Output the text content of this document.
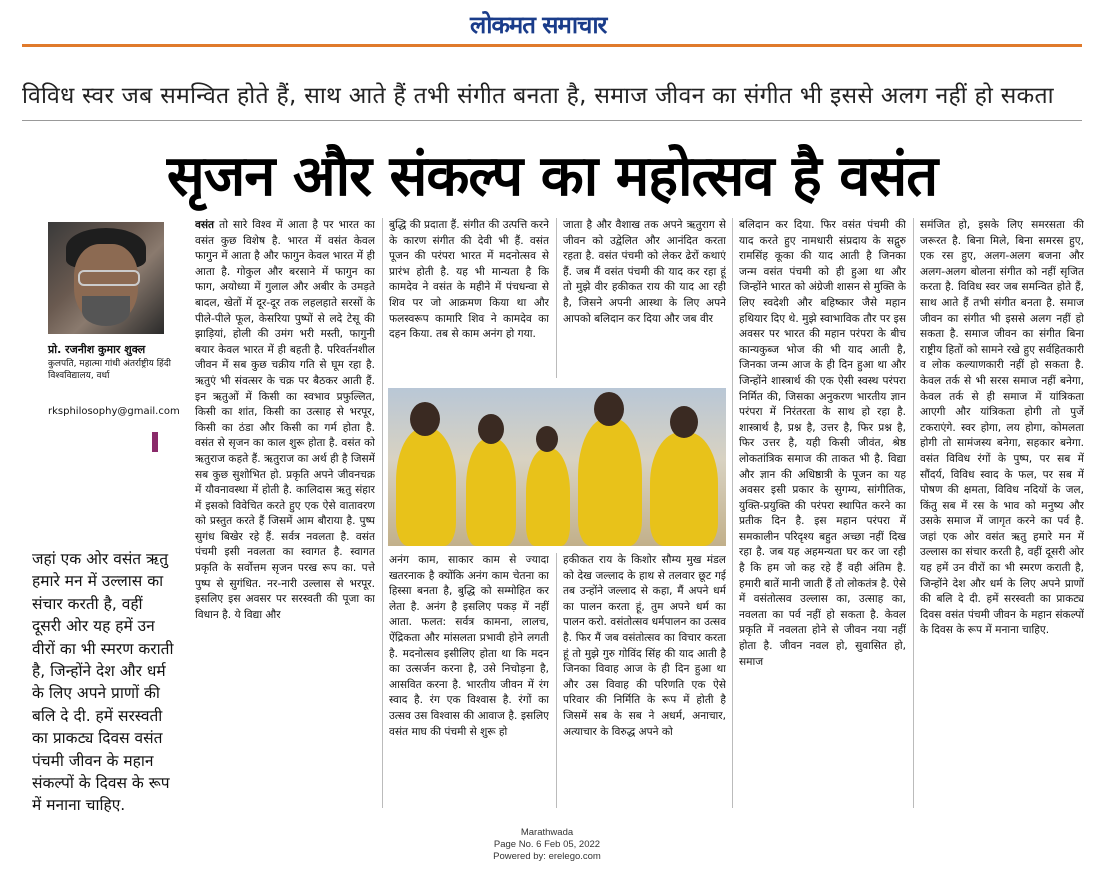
लोकमत समाचार
विविध स्वर जब समन्वित होते हैं, साथ आते हैं तभी संगीत बनता है, समाज जीवन का संगीत भी इससे अलग नहीं हो सकता
सृजन और संकल्प का महोत्सव है वसंत
प्रो. रजनीश कुमार शुक्ल
कुलपति, महात्मा गांधी अंतर्राष्ट्रीय हिंदी विश्वविद्यालय, वर्धा
rksphilosophy@gmail.com
जहां एक ओर वसंत ऋतु हमारे मन में उल्लास का संचार करती है, वहीं दूसरी ओर यह हमें उन वीरों का भी स्मरण कराती है, जिन्होंने देश और धर्म के लिए अपने प्राणों की बलि दे दी. हमें सरस्वती का प्राकट्य दिवस वसंत पंचमी जीवन के महान संकल्पों के दिवस के रूप में मनाना चाहिए.

वसंत तो सारे विश्व में आता है पर भारत का वसंत कुछ विशेष है. भारत में वसंत केवल फागुन में आता है और फागुन केवल भारत में ही आता है. गोकुल और बरसाने में फागुन का फाग, अयोध्या में गुलाल और अबीर के उमड़ते बादल, खेतों में दूर-दूर तक लहलहाते सरसों के पीले-पीले फूल, केसरिया पुष्पों से लदे टेसू की झाड़ियां, होली की उमंग भरी मस्ती, फागुनी बयार केवल भारत में ही बहती है. परिवर्तनशील जीवन में सब कुछ चक्रीय गति से घूम रहा है. ऋतुएं भी संवत्सर के चक्र पर बैठकर आती हैं. इन ऋतुओं में किसी का स्वभाव प्रफुल्लित, किसी का शांत, किसी का उत्साह से भरपूर, किसी का ठंडा और किसी का गर्म होता है. वसंत से सृजन का काल शुरू होता है. वसंत को ऋतुराज कहते हैं. ऋतुराज का अर्थ ही है जिसमें सब कुछ सुशोभित हो. प्रकृति अपने जीवनचक्र में यौवनावस्था में होती है. कालिदास ऋतु संहार में इसको विवेचित करते हुए एक ऐसे वातावरण को प्रस्तुत करते हैं जिसमें आम बौराया है. पुष्प सुगंध बिखेर रहे हैं. सर्वत्र नवलता है. वसंत पंचमी इसी नवलता का स्वागत है. स्वागत प्रकृति के सर्वोत्तम सृजन परख रूप का. पत्ते पुष्प से सुगंधित. नर-नारी उल्लास से भरपूर. इसलिए इस अवसर पर सरस्वती की पूजा का विधान है. ये विद्या और

बुद्धि की प्रदाता हैं. संगीत की उत्पत्ति करने के कारण संगीत की देवी भी हैं. वसंत पूजन की परंपरा भारत में मदनोत्सव से प्रारंभ होती है. यह भी मान्यता है कि कामदेव ने वसंत के महीने में पंचधन्वा से शिव पर जो आक्रमण किया था और फलस्वरूप कामारि शिव ने कामदेव का दहन किया. तब से काम अनंग हो गया.

जाता है और वैशाख तक अपने ऋतुराग से जीवन को उद्वेलित और आनंदित करता रहता है. वसंत पंचमी को लेकर ढेरों कथाएं हैं. जब मैं वसंत पंचमी की याद कर रहा हूं तो मुझे वीर हकीकत राय की याद आ रही है, जिसने अपनी आस्था के लिए अपने आपको बलिदान कर दिया और जब वीर

अनंग काम, साकार काम से ज्यादा खतरनाक है क्योंकि अनंग काम चेतना का हिस्सा बनता है, बुद्धि को सम्मोहित कर लेता है. अनंग है इसलिए पकड़ में नहीं आता. फलत: सर्वत्र कामना, लालच, ऐंद्रिकता और मांसलता प्रभावी होने लगती है. मदनोत्सव इसीलिए होता था कि मदन का उत्सर्जन करना है, उसे निचोड़ना है, आसवित करना है. भारतीय जीवन में रंग स्वाद है. रंग एक विश्वास है. रंगों का उत्सव उस विश्वास की आवाज है. इसलिए वसंत माघ की पंचमी से शुरू हो

हकीकत राय के किशोर सौम्य मुख मंडल को देख जल्लाद के हाथ से तलवार छूट गई तब उन्होंने जल्लाद से कहा, मैं अपने धर्म का पालन करता हूं, तुम अपने धर्म का पालन करो. वसंतोत्सव धर्मपालन का उत्सव है. फिर मैं जब वसंतोत्सव का विचार करता हूं तो मुझे गुरु गोविंद सिंह की याद आती है जिनका विवाह आज के ही दिन हुआ था और उस विवाह की परिणति एक ऐसे परिवार की निर्मिति के रूप में होती है जिसमें सब के सब ने अधर्म, अनाचार, अत्याचार के विरुद्ध अपने को

बलिदान कर दिया. फिर वसंत पंचमी की याद करते हुए नामधारी संप्रदाय के सद्गुरु रामसिंह कूका की याद आती है जिनका जन्म वसंत पंचमी को ही हुआ था और जिन्होंने भारत को अंग्रेजी शासन से मुक्ति के लिए स्वदेशी और बहिष्कार जैसे महान हथियार दिए थे. मुझे स्वाभाविक तौर पर इस अवसर पर भारत की महान परंपरा के बीच कान्यकुब्ज भोज की भी याद आती है, जिनका जन्म आज के ही दिन हुआ था और जिन्होंने शास्त्रार्थ की एक ऐसी स्वस्थ परंपरा निर्मित की, जिसका अनुकरण भारतीय ज्ञान परंपरा में निरंतरता के साथ हो रहा है. शास्त्रार्थ है, प्रश्न है, उत्तर है, फिर प्रश्न है, फिर उत्तर है, यही किसी जीवंत, श्रेष्ठ लोकतांत्रिक समाज की ताकत भी है. विद्या और ज्ञान की अधिष्ठात्री के पूजन का यह अवसर इसी प्रकार के सुगम्य, सांगीतिक, युक्ति-प्रयुक्ति की परंपरा स्थापित करने का प्रतीक दिन है. इस महान परंपरा में समकालीन परिदृश्य बहुत अच्छा नहीं दिख रहा है. जब यह अहमन्यता घर कर जा रही है कि हम जो कह रहे हैं वही अंतिम है. हमारी बातें मानी जाती हैं तो लोकतंत्र है. ऐसे में वसंतोत्सव उल्लास का, उत्साह का, नवलता का पर्व नहीं हो सकता है. केवल प्रकृति में नवलता होने से जीवन नया नहीं होता है. जीवन नवल हो, सुवासित हो, समाज

समंजित हो, इसके लिए समरसता की जरूरत है. बिना मिले, बिना समरस हुए, एक रस हुए, अलग-अलग बजना और अलग-अलग बोलना संगीत को नहीं सृजित करता है. विविध स्वर जब समन्वित होते हैं, साथ आते हैं तभी संगीत बनता है. समाज जीवन का संगीत भी इससे अलग नहीं हो सकता है. समाज जीवन का संगीत बिना राष्ट्रीय हितों को सामने रखे हुए सर्वहितकारी व लोक कल्याणकारी नहीं हो सकता है. केवल तर्क से भी सरस समाज नहीं बनेगा, केवल तर्क से ही समाज में यांत्रिकता आएगी और यांत्रिकता होगी तो पुर्जे टकराएंगे. स्वर होगा, लय होगा, कोमलता होगी तो सामंजस्य बनेगा, सहकार बनेगा. वसंत विविध रंगों के पुष्प, पर सब में सौंदर्य, विविध स्वाद के फल, पर सब में पोषण की क्षमता, विविध नदियों के जल, किंतु सब में रस के भाव को मनुष्य और उसके समाज में जागृत करने का पर्व है. जहां एक ओर वसंत ऋतु हमारे मन में उल्लास का संचार करती है, वहीं दूसरी ओर यह हमें उन वीरों का भी स्मरण कराती है, जिन्होंने देश और धर्म के लिए अपने प्राणों की बलि दे दी. हमें सरस्वती का प्राकट्य दिवस वसंत पंचमी जीवन के महान संकल्पों के दिवस के रूप में मनाना चाहिए.

Marathwada
Page No. 6 Feb 05, 2022
Powered by: erelego.com
